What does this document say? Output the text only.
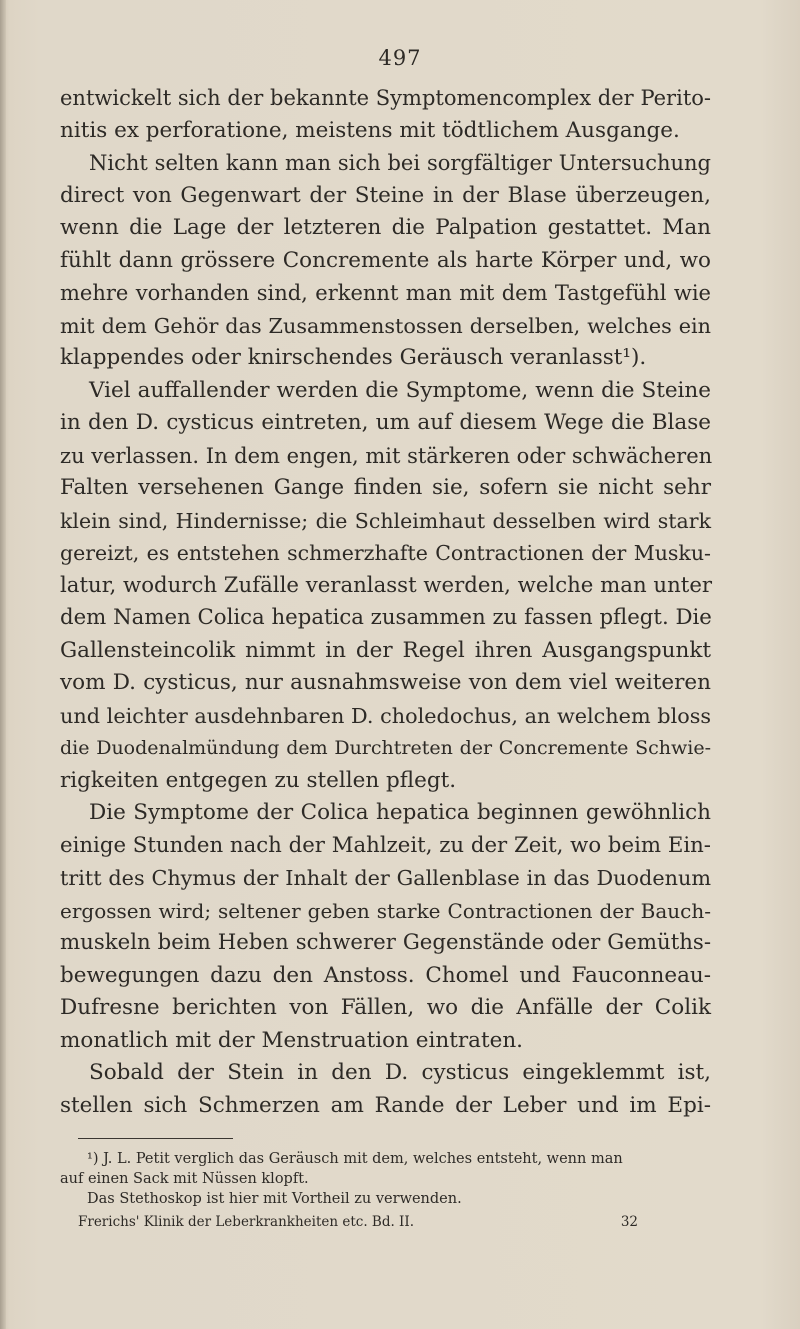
497
entwickelt sich der bekannte Symptomencomplex der Perito-
nitis ex perforatione, meistens mit tödtlichem Ausgange.
Nicht selten kann man sich bei sorgfältiger Untersuchung
direct von Gegenwart der Steine in der Blase überzeugen,
wenn die Lage der letzteren die Palpation gestattet. Man
fühlt dann grössere Concremente als harte Körper und, wo
mehre vorhanden sind, erkennt man mit dem Tastgefühl wie
mit dem Gehör das Zusammenstossen derselben, welches ein
klappendes oder knirschendes Geräusch veranlasst¹).
Viel auffallender werden die Symptome, wenn die Steine
in den D. cysticus eintreten, um auf diesem Wege die Blase
zu verlassen. In dem engen, mit stärkeren oder schwächeren
Falten versehenen Gange finden sie, sofern sie nicht sehr
klein sind, Hindernisse; die Schleimhaut desselben wird stark
gereizt, es entstehen schmerzhafte Contractionen der Musku-
latur, wodurch Zufälle veranlasst werden, welche man unter
dem Namen Colica hepatica zusammen zu fassen pflegt. Die
Gallensteincolik nimmt in der Regel ihren Ausgangspunkt
vom D. cysticus, nur ausnahmsweise von dem viel weiteren
und leichter ausdehnbaren D. choledochus, an welchem bloss
die Duodenalmündung dem Durchtreten der Concremente Schwie-
rigkeiten entgegen zu stellen pflegt.
Die Symptome der Colica hepatica beginnen gewöhnlich
einige Stunden nach der Mahlzeit, zu der Zeit, wo beim Ein-
tritt des Chymus der Inhalt der Gallenblase in das Duodenum
ergossen wird; seltener geben starke Contractionen der Bauch-
muskeln beim Heben schwerer Gegenstände oder Gemüths-
bewegungen dazu den Anstoss. Chomel und Fauconneau-
Dufresne berichten von Fällen, wo die Anfälle der Colik
monatlich mit der Menstruation eintraten.
Sobald der Stein in den D. cysticus eingeklemmt ist,
stellen sich Schmerzen am Rande der Leber und im Epi-
¹) J. L. Petit verglich das Geräusch mit dem, welches entsteht, wenn man
auf einen Sack mit Nüssen klopft.
Das Stethoskop ist hier mit Vortheil zu verwenden.
Frerichs' Klinik der Leberkrankheiten etc. Bd. II.	32
